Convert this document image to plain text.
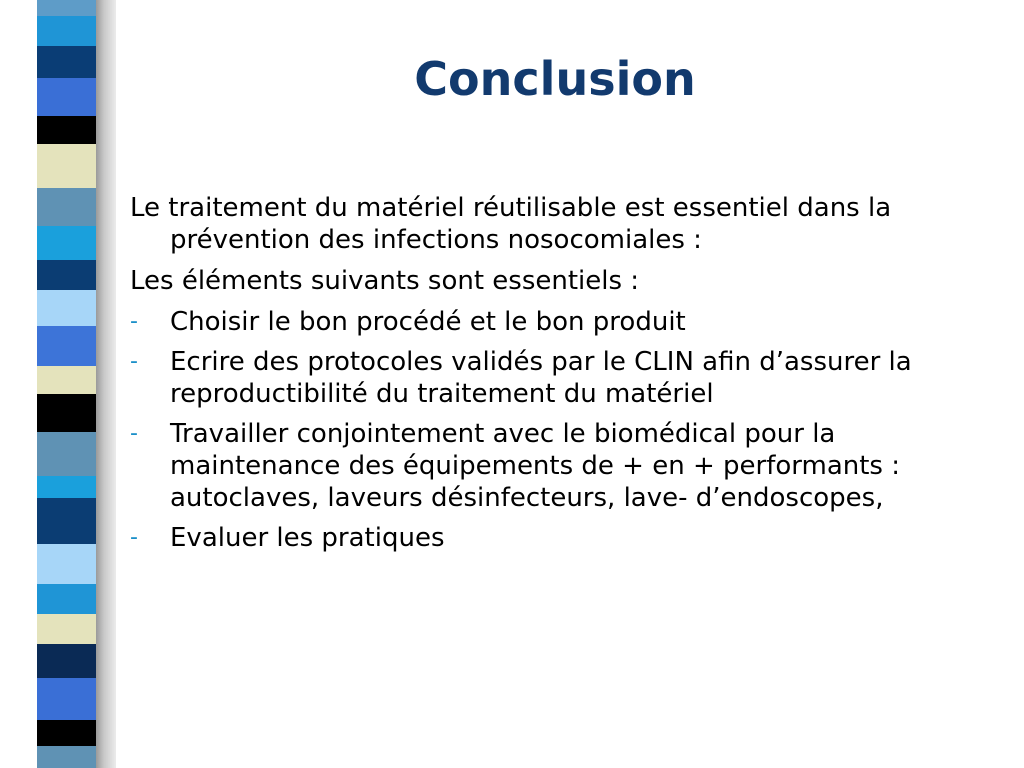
Conclusion

Le traitement du matériel réutilisable est essentiel dans la prévention des infections nosocomiales :

Les éléments suivants sont essentiels :

- Choisir le bon procédé et le bon produit
- Ecrire des protocoles validés par le CLIN afin d’assurer la reproductibilité du traitement du matériel
- Travailler conjointement avec le biomédical pour la maintenance des équipements de + en + performants : autoclaves, laveurs désinfecteurs, lave- d’endoscopes,
- Evaluer les pratiques
